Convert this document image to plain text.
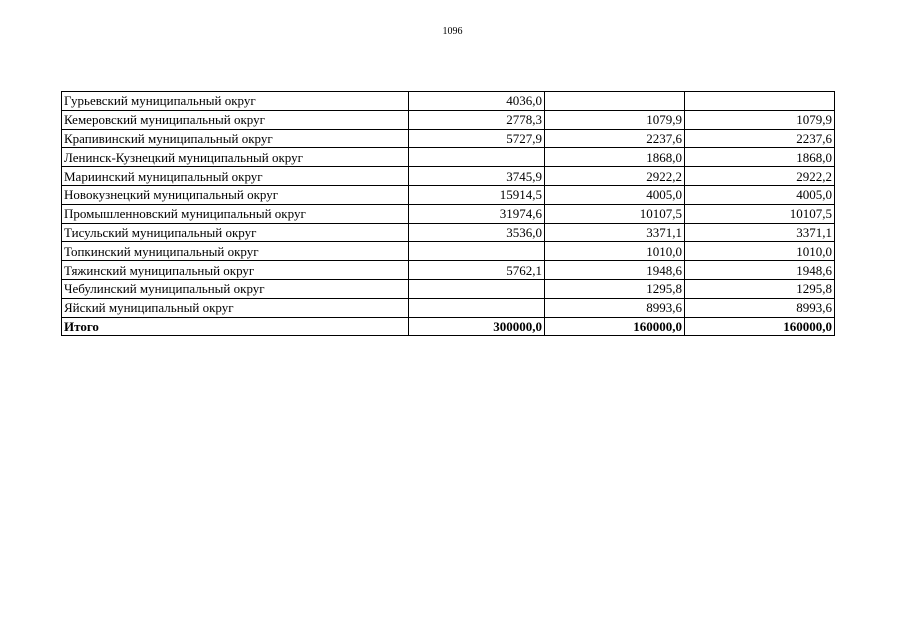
1096
Гурьевский муниципальный округ	4036,0		
Кемеровский муниципальный округ	2778,3	1079,9	1079,9
Крапивинский муниципальный округ	5727,9	2237,6	2237,6
Ленинск-Кузнецкий муниципальный округ		1868,0	1868,0
Мариинский муниципальный округ	3745,9	2922,2	2922,2
Новокузнецкий муниципальный округ	15914,5	4005,0	4005,0
Промышленновский муниципальный округ	31974,6	10107,5	10107,5
Тисульский муниципальный округ	3536,0	3371,1	3371,1
Топкинский муниципальный округ		1010,0	1010,0
Тяжинский муниципальный округ	5762,1	1948,6	1948,6
Чебулинский муниципальный округ		1295,8	1295,8
Яйский муниципальный округ		8993,6	8993,6
Итого	300000,0	160000,0	160000,0
